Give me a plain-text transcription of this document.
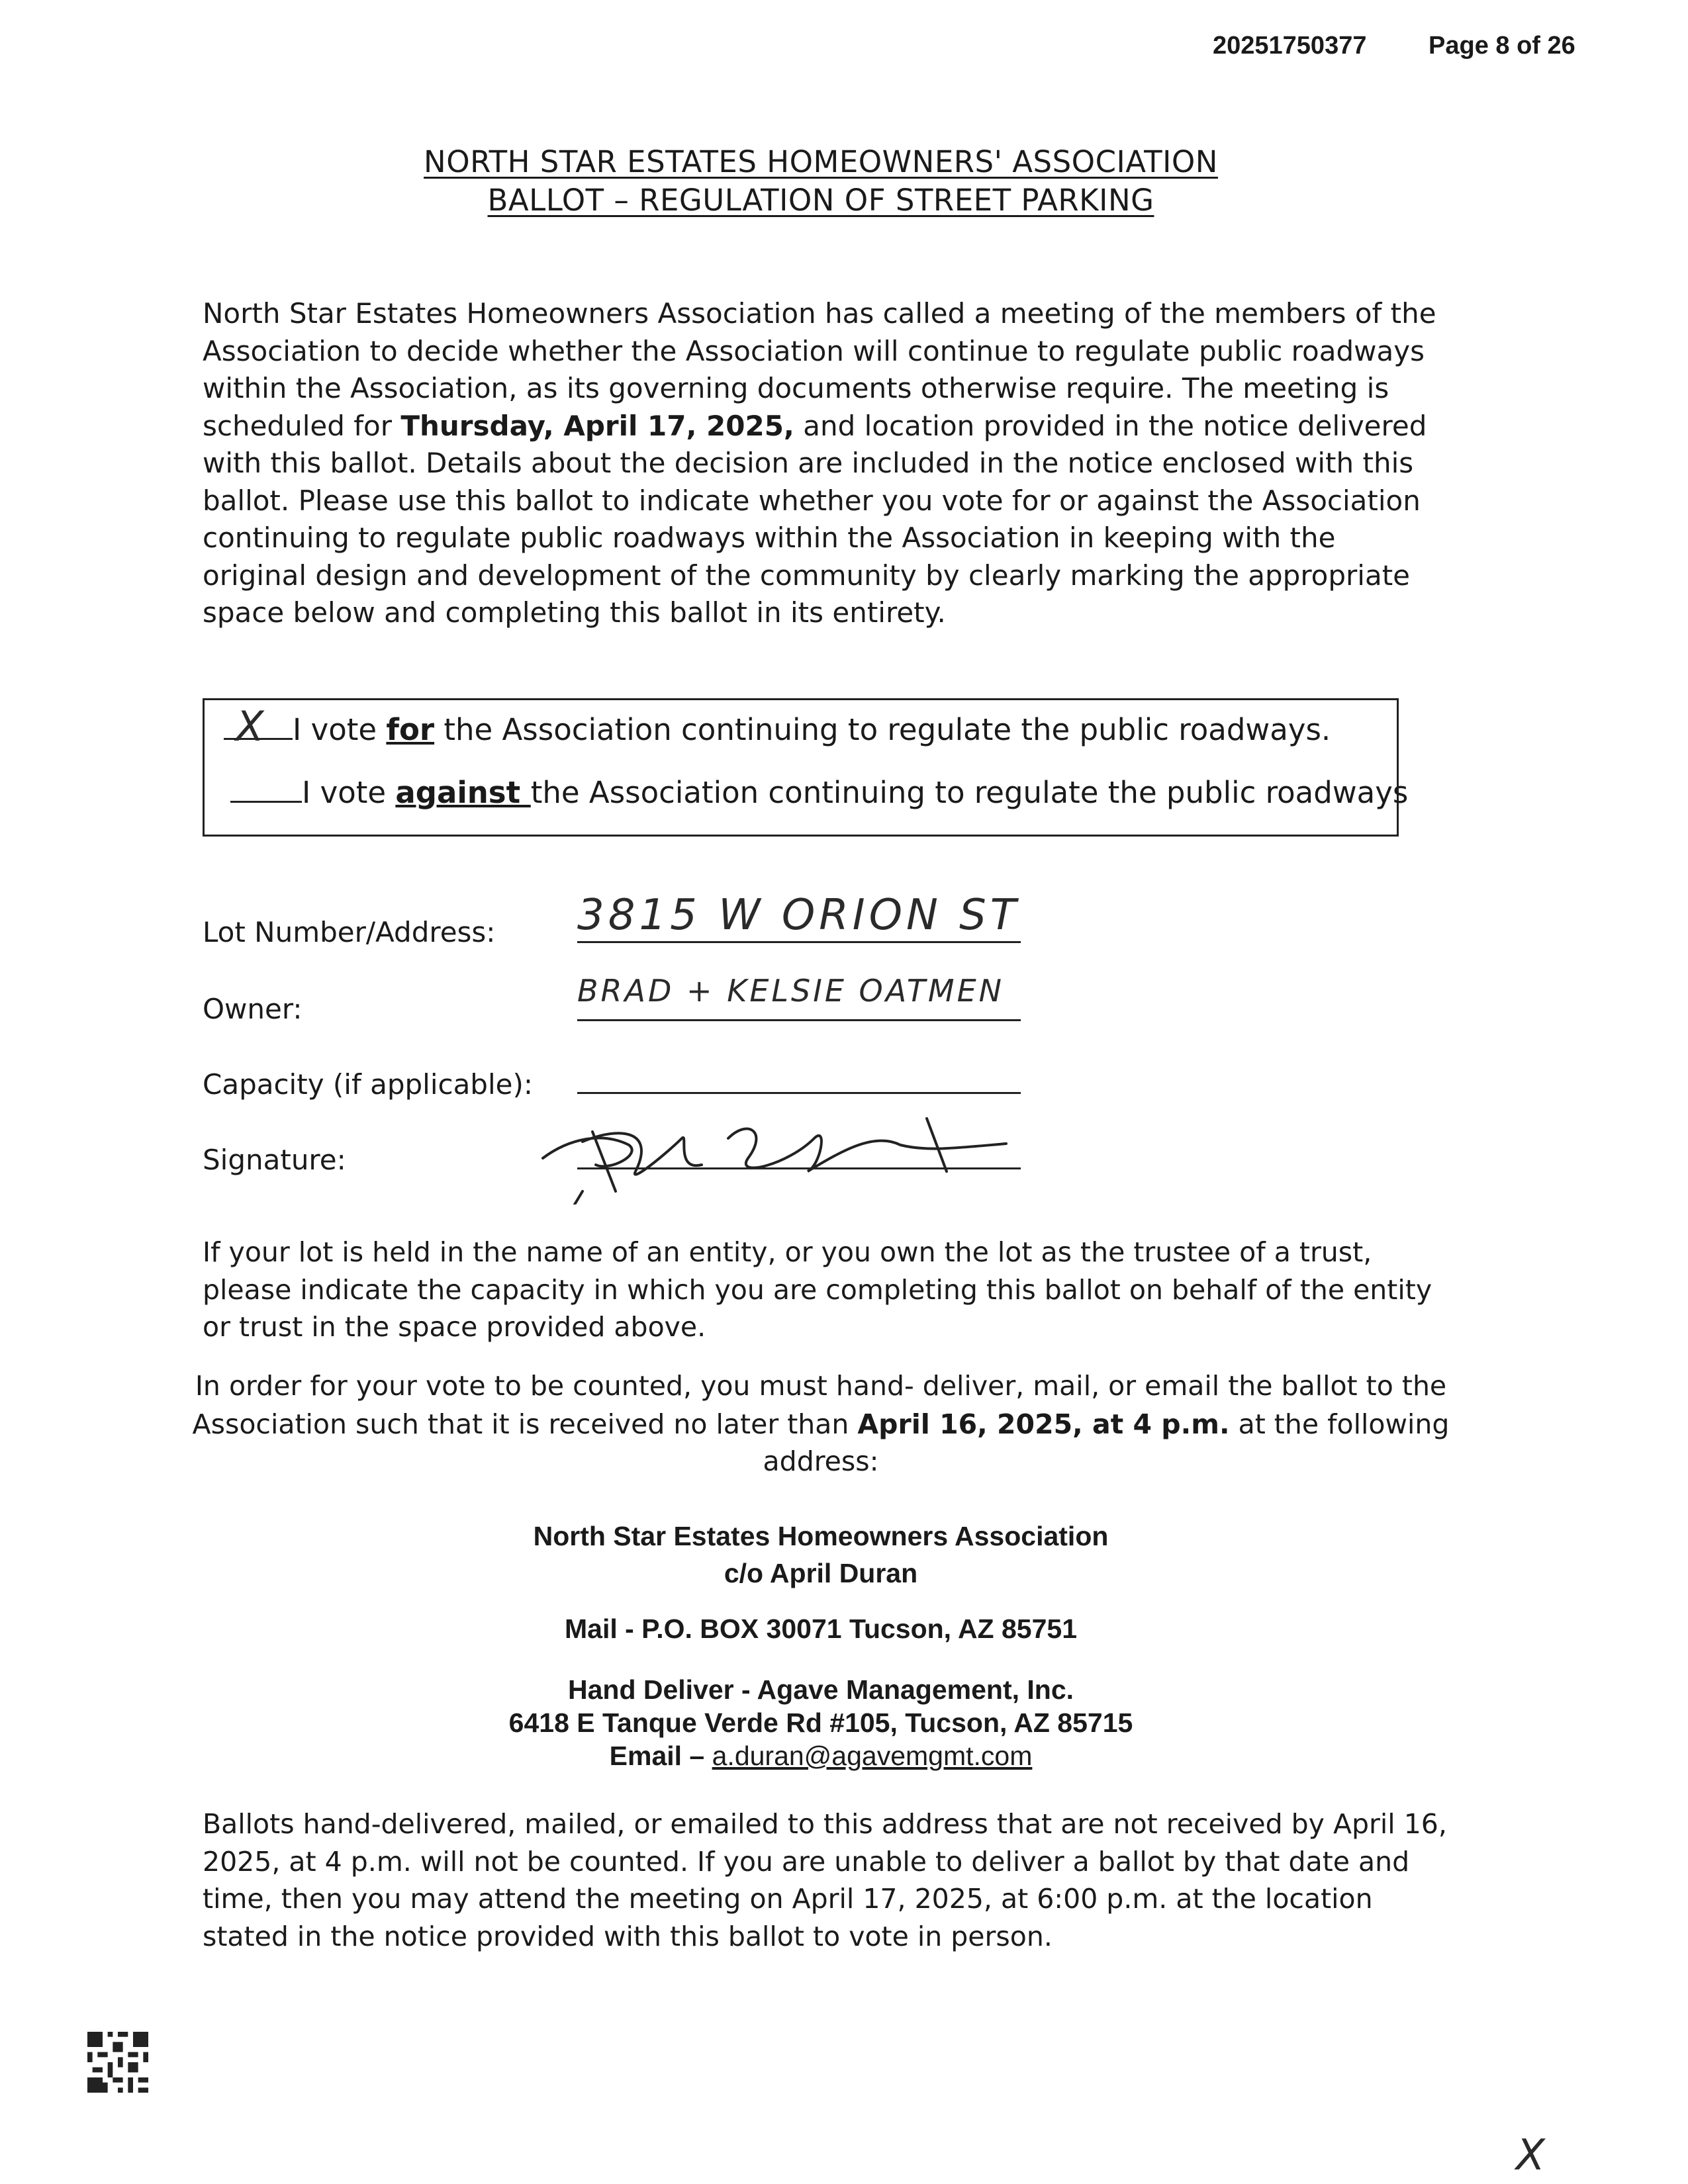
20251750377 Page 8 of 26
NORTH STAR ESTATES HOMEOWNERS' ASSOCIATION
BALLOT – REGULATION OF STREET PARKING
North Star Estates Homeowners Association has called a meeting of the members of the Association to decide whether the Association will continue to regulate public roadways within the Association, as its governing documents otherwise require. The meeting is scheduled for Thursday, April 17, 2025, and location provided in the notice delivered with this ballot. Details about the decision are included in the notice enclosed with this ballot. Please use this ballot to indicate whether you vote for or against the Association continuing to regulate public roadways within the Association in keeping with the original design and development of the community by clearly marking the appropriate space below and completing this ballot in its entirety.
X I vote for the Association continuing to regulate the public roadways.
I vote against the Association continuing to regulate the public roadways
Lot Number/Address: 3815 W ORION ST
Owner:
BRAD + KELSIE OATMEN
Capacity (if applicable):
Signature:
If your lot is held in the name of an entity, or you own the lot as the trustee of a trust, please indicate the capacity in which you are completing this ballot on behalf of the entity or trust in the space provided above.
In order for your vote to be counted, you must hand- deliver, mail, or email the ballot to the
Association such that it is received no later than April 16, 2025, at 4 p.m. at the following
address:
North Star Estates Homeowners Association
c/o April Duran
Mail - P.O. BOX 30071 Tucson, AZ 85751
Hand Deliver - Agave Management, Inc.
6418 E Tanque Verde Rd #105, Tucson, AZ 85715
Email – a.duran@agavemgmt.com
Ballots hand-delivered, mailed, or emailed to this address that are not received by April 16, 2025, at 4 p.m. will not be counted. If you are unable to deliver a ballot by that date and time, then you may attend the meeting on April 17, 2025, at 6:00 p.m. at the location stated in the notice provided with this ballot to vote in person.
X
